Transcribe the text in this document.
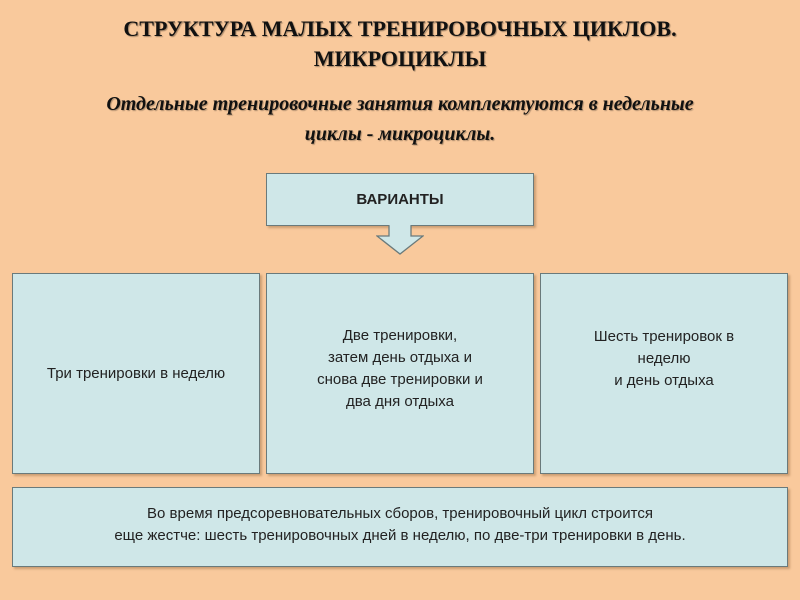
СТРУКТУРА МАЛЫХ ТРЕНИРОВОЧНЫХ ЦИКЛОВ.
МИКРОЦИКЛЫ

Отдельные тренировочные занятия комплектуются в недельные
циклы - микроциклы.

ВАРИАНТЫ
Три тренировки в неделю
Две тренировки,
затем день отдыха и
снова две тренировки и
два дня отдыха
Шесть тренировок в
неделю
и день отдыха
Во время предсоревновательных сборов, тренировочный цикл строится
еще жестче: шесть тренировочных дней в неделю, по две-три тренировки в день.
